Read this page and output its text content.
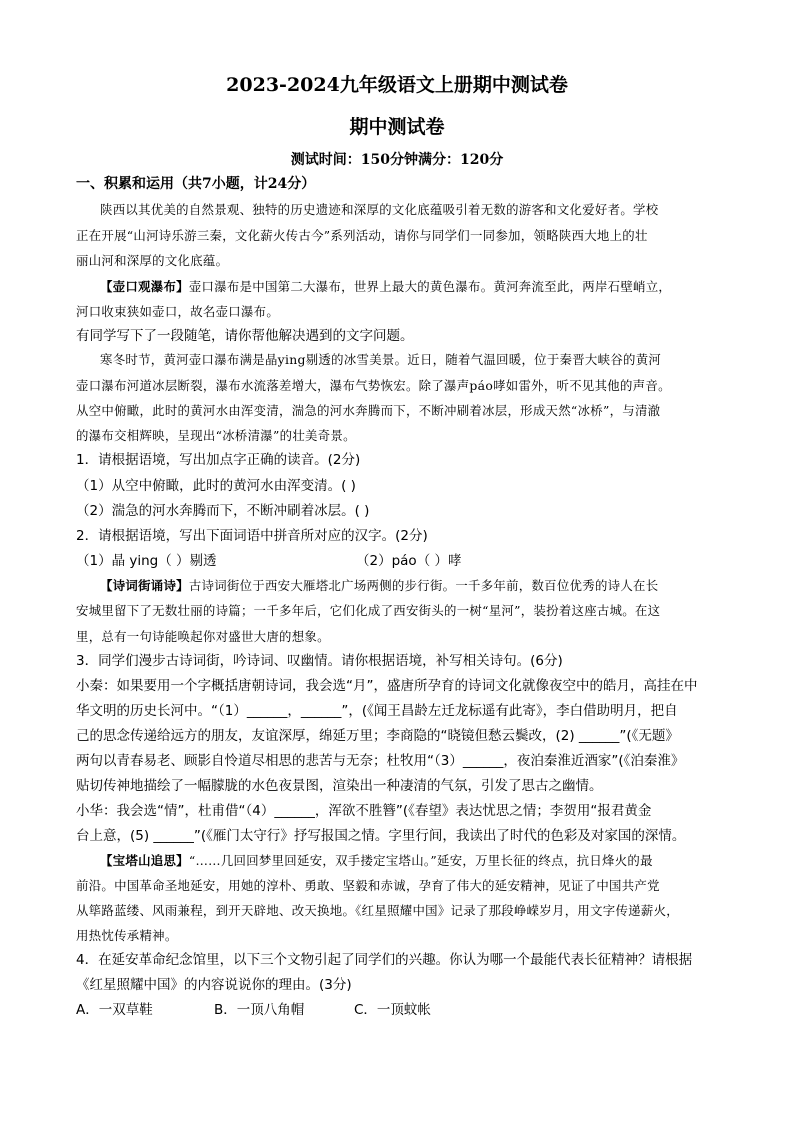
2023-2024九年级语文上册期中测试卷
期中测试卷
测试时间：150分钟满分：120分
一、积累和运用（共7小题，计24分）
陕西以其优美的自然景观、独特的历史遗迹和深厚的文化底蕴吸引着无数的游客和文化爱好者。学校
正在开展“山河诗乐游三秦，文化薪火传古今”系列活动，请你与同学们一同参加，领略陕西大地上的壮
丽山河和深厚的文化底蕴。
【壶口观瀑布】壶口瀑布是中国第二大瀑布，世界上最大的黄色瀑布。黄河奔流至此，两岸石壁峭立，
河口收束狭如壶口，故名壶口瀑布。
有同学写下了一段随笔，请你帮他解决遇到的文字问题。
寒冬时节，黄河壶口瀑布满是晶ying剔透的冰雪美景。近日，随着气温回暖，位于秦晋大峡谷的黄河
壶口瀑布河道冰层断裂，瀑布水流落差增大，瀑布气势恢宏。除了瀑声páo哮如雷外，听不见其他的声音。
从空中俯瞰，此时的黄河水由浑变清，湍急的河水奔腾而下，不断冲刷着冰层，形成天然“冰桥”，与清澈
的瀑布交相辉映，呈现出“冰桥清瀑”的壮美奇景。
1．请根据语境，写出加点字正确的读音。(2分)
（1）从空中俯瞰，此时的黄河水由浑变清。( )
（2）湍急的河水奔腾而下，不断冲刷着冰层。( )
2．请根据语境，写出下面词语中拼音所对应的汉字。(2分)
（1）晶 ying（ ）剔透	（2）páo（ ）哮
【诗词街诵诗】古诗词街位于西安大雁塔北广场两侧的步行街。一千多年前，数百位优秀的诗人在长
安城里留下了无数壮丽的诗篇；一千多年后，它们化成了西安街头的一树“星河”，装扮着这座古城。在这
里，总有一句诗能唤起你对盛世大唐的想象。
3．同学们漫步古诗词街，吟诗词、叹幽情。请你根据语境，补写相关诗句。(6分)
小秦：如果要用一个字概括唐朝诗词，我会选“月”，盛唐所孕育的诗词文化就像夜空中的皓月，高挂在中
华文明的历史长河中。“（1）______，______”，(《闻王昌龄左迁龙标遥有此寄》，李白借助明月，把自
己的思念传递给远方的朋友，友谊深厚，绵延万里；李商隐的“晓镜但愁云鬓改，(2) ______”(《无题》
两句以青春易老、顾影自怜道尽相思的悲苦与无奈；杜牧用“（3）______，夜泊秦淮近酒家”(《泊秦淮》
贴切传神地描绘了一幅朦胧的水色夜景图，渲染出一种凄清的气氛，引发了思古之幽情。
小华：我会选“情”，杜甫借“（4）______，浑欲不胜簪”(《春望》表达忧思之情；李贺用“报君黄金
台上意，(5) ______”(《雁门太守行》抒写报国之情。字里行间，我读出了时代的色彩及对家国的深情。
【宝塔山追思】“……几回回梦里回延安，双手搂定宝塔山。”延安，万里长征的终点，抗日烽火的最
前沿。中国革命圣地延安，用她的淳朴、勇敢、坚毅和赤诚，孕育了伟大的延安精神，见证了中国共产党
从筚路蓝缕、风雨兼程，到开天辟地、改天换地。《红星照耀中国》记录了那段峥嵘岁月，用文字传递薪火，
用热忱传承精神。
4．在延安革命纪念馆里，以下三个文物引起了同学们的兴趣。你认为哪一个最能代表长征精神？请根据
《红星照耀中国》的内容说说你的理由。(3分)
A．一双草鞋	B．一顶八角帽	C．一顶蚊帐
